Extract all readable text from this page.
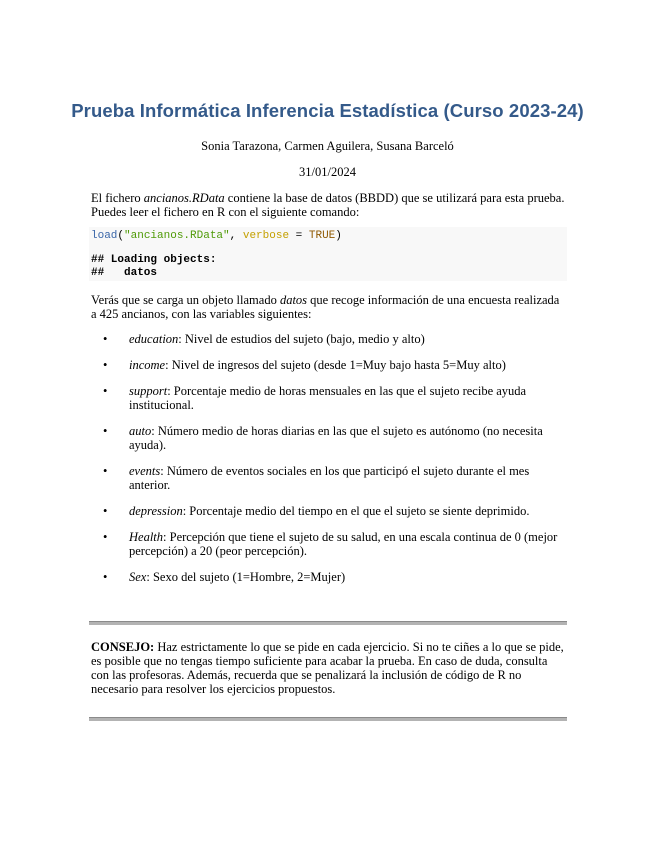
Prueba Informática Inferencia Estadística (Curso 2023-24)
Sonia Tarazona, Carmen Aguilera, Susana Barceló
31/01/2024
El fichero ancianos.RData contiene la base de datos (BBDD) que se utilizará para esta prueba. Puedes leer el fichero en R con el siguiente comando:
load("ancianos.RData", verbose = TRUE)
## Loading objects:
##   datos
Verás que se carga un objeto llamado datos que recoge información de una encuesta realizada a 425 ancianos, con las variables siguientes:
• education: Nivel de estudios del sujeto (bajo, medio y alto)
• income: Nivel de ingresos del sujeto (desde 1=Muy bajo hasta 5=Muy alto)
• support: Porcentaje medio de horas mensuales en las que el sujeto recibe ayuda institucional.
• auto: Número medio de horas diarias en las que el sujeto es autónomo (no necesita ayuda).
• events: Número de eventos sociales en los que participó el sujeto durante el mes anterior.
• depression: Porcentaje medio del tiempo en el que el sujeto se siente deprimido.
• Health: Percepción que tiene el sujeto de su salud, en una escala continua de 0 (mejor percepción) a 20 (peor percepción).
• Sex: Sexo del sujeto (1=Hombre, 2=Mujer)
CONSEJO: Haz estrictamente lo que se pide en cada ejercicio. Si no te ciñes a lo que se pide, es posible que no tengas tiempo suficiente para acabar la prueba. En caso de duda, consulta con las profesoras. Además, recuerda que se penalizará la inclusión de código de R no necesario para resolver los ejercicios propuestos.
